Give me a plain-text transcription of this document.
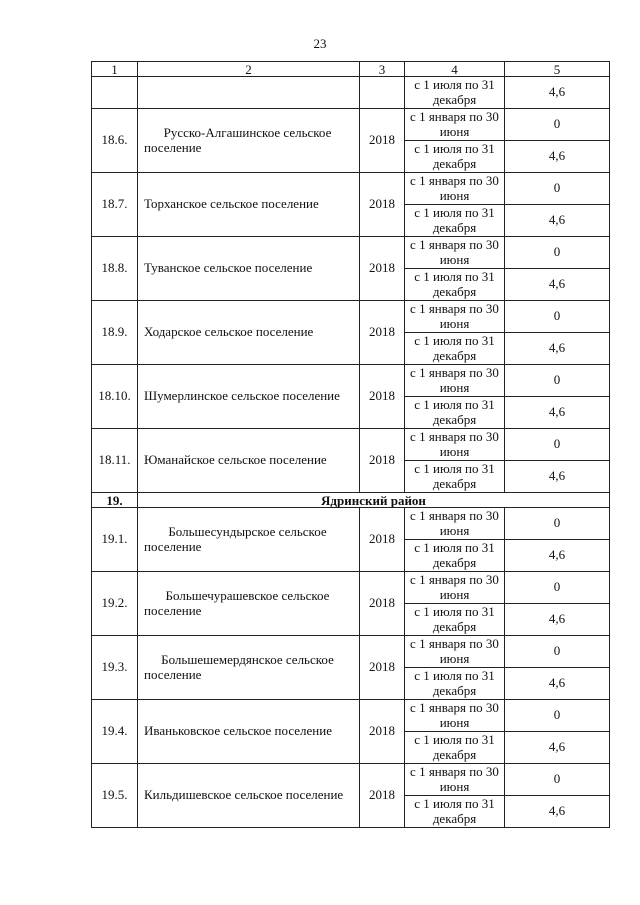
23
1	2	3	4	5
			с 1 июля по 31 декабря	4,6
18.6.	Русско-Алгашинское сельское поселение	2018	с 1 января по 30 июня	0
			с 1 июля по 31 декабря	4,6
18.7.	Торханское сельское поселение	2018	с 1 января по 30 июня	0
			с 1 июля по 31 декабря	4,6
18.8.	Туванское сельское поселение	2018	с 1 января по 30 июня	0
			с 1 июля по 31 декабря	4,6
18.9.	Ходарское сельское поселение	2018	с 1 января по 30 июня	0
			с 1 июля по 31 декабря	4,6
18.10.	Шумерлинское сельское поселение	2018	с 1 января по 30 июня	0
			с 1 июля по 31 декабря	4,6
18.11.	Юманайское сельское поселение	2018	с 1 января по 30 июня	0
			с 1 июля по 31 декабря	4,6
19.	Ядринский район			
19.1.	Большесундырское сельское поселение	2018	с 1 января по 30 июня	0
			с 1 июля по 31 декабря	4,6
19.2.	Большечурашевское сельское поселение	2018	с 1 января по 30 июня	0
			с 1 июля по 31 декабря	4,6
19.3.	Большешемердянское сельское поселение	2018	с 1 января по 30 июня	0
			с 1 июля по 31 декабря	4,6
19.4.	Иваньковское сельское поселение	2018	с 1 января по 30 июня	0
			с 1 июля по 31 декабря	4,6
19.5.	Кильдишевское сельское поселение	2018	с 1 января по 30 июня	0
			с 1 июля по 31 декабря	4,6
